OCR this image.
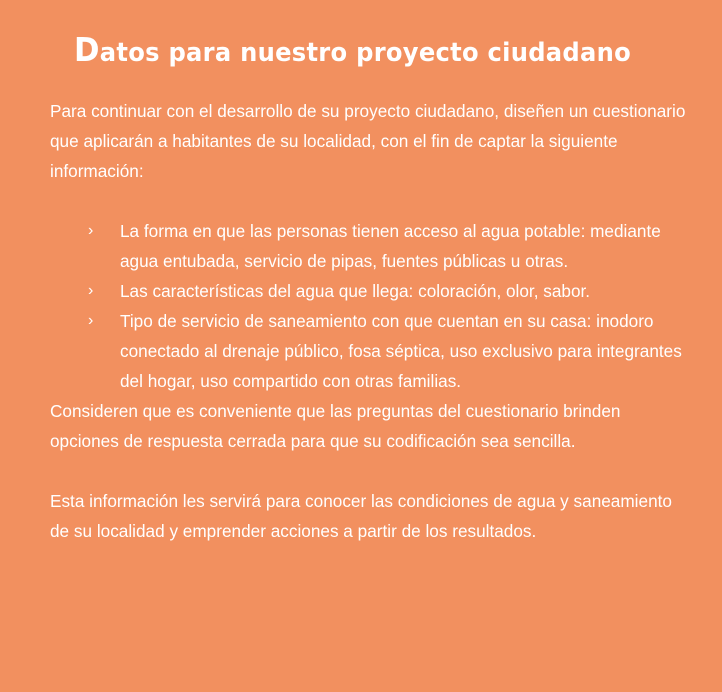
Datos para nuestro proyecto ciudadano

Para continuar con el desarrollo de su proyecto ciudadano, diseñen un cuestionario que aplicarán a habitantes de su localidad, con el fin de captar la siguiente información:

› La forma en que las personas tienen acceso al agua potable: mediante agua entubada, servicio de pipas, fuentes públicas u otras.
› Las características del agua que llega: coloración, olor, sabor.
› Tipo de servicio de saneamiento con que cuentan en su casa: inodoro conectado al drenaje público, fosa séptica, uso exclusivo para integrantes del hogar, uso compartido con otras familias.

Consideren que es conveniente que las preguntas del cuestionario brinden opciones de respuesta cerrada para que su codificación sea sencilla.

Esta información les servirá para conocer las condiciones de agua y saneamiento de su localidad y emprender acciones a partir de los resultados.
